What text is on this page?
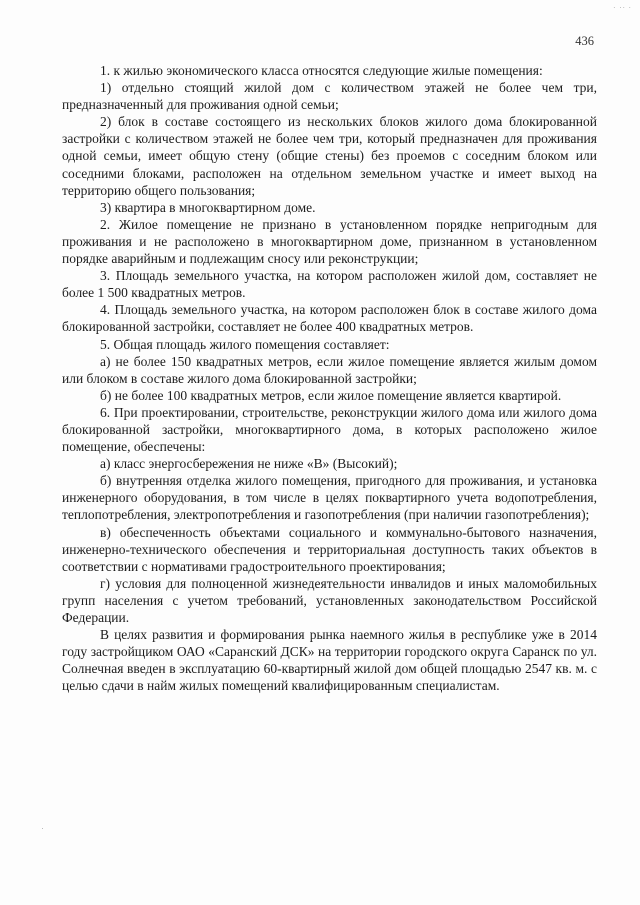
· ·· ·
436

1. к жилью экономического класса относятся следующие жилые помещения:

1) отдельно стоящий жилой дом с количеством этажей не более чем три, предназначенный для проживания одной семьи;

2) блок в составе состоящего из нескольких блоков жилого дома блокированной застройки с количеством этажей не более чем три, который предназначен для проживания одной семьи, имеет общую стену (общие стены) без проемов с соседним блоком или соседними блоками, расположен на отдельном земельном участке и имеет выход на территорию общего пользования;

3) квартира в многоквартирном доме.

2. Жилое помещение не признано в установленном порядке непригодным для проживания и не расположено в многоквартирном доме, признанном в установленном порядке аварийным и подлежащим сносу или реконструкции;

3. Площадь земельного участка, на котором расположен жилой дом, составляет не более 1 500 квадратных метров.

4. Площадь земельного участка, на котором расположен блок в составе жилого дома блокированной застройки, составляет не более 400 квадратных метров.

5. Общая площадь жилого помещения составляет:

а) не более 150 квадратных метров, если жилое помещение является жилым домом или блоком в составе жилого дома блокированной застройки;

б) не более 100 квадратных метров, если жилое помещение является квартирой.

6. При проектировании, строительстве, реконструкции жилого дома или жилого дома блокированной застройки, многоквартирного дома, в которых расположено жилое помещение, обеспечены:

а) класс энергосбережения не ниже «В» (Высокий);

б) внутренняя отделка жилого помещения, пригодного для проживания, и установка инженерного оборудования, в том числе в целях поквартирного учета водопотребления, теплопотребления, электропотребления и газопотребления (при наличии газопотребления);

в) обеспеченность объектами социального и коммунально-бытового назначения, инженерно-технического обеспечения и территориальная доступность таких объектов в соответствии с нормативами градостроительного проектирования;

г) условия для полноценной жизнедеятельности инвалидов и иных маломобильных групп населения с учетом требований, установленных законодательством Российской Федерации.

В целях развития и формирования рынка наемного жилья в республике уже в 2014 году застройщиком ОАО «Саранский ДСК» на территории городского округа Саранск по ул. Солнечная введен в эксплуатацию 60-квартирный жилой дом общей площадью 2547 кв. м. с целью сдачи в найм жилых помещений квалифицированным специалистам.
